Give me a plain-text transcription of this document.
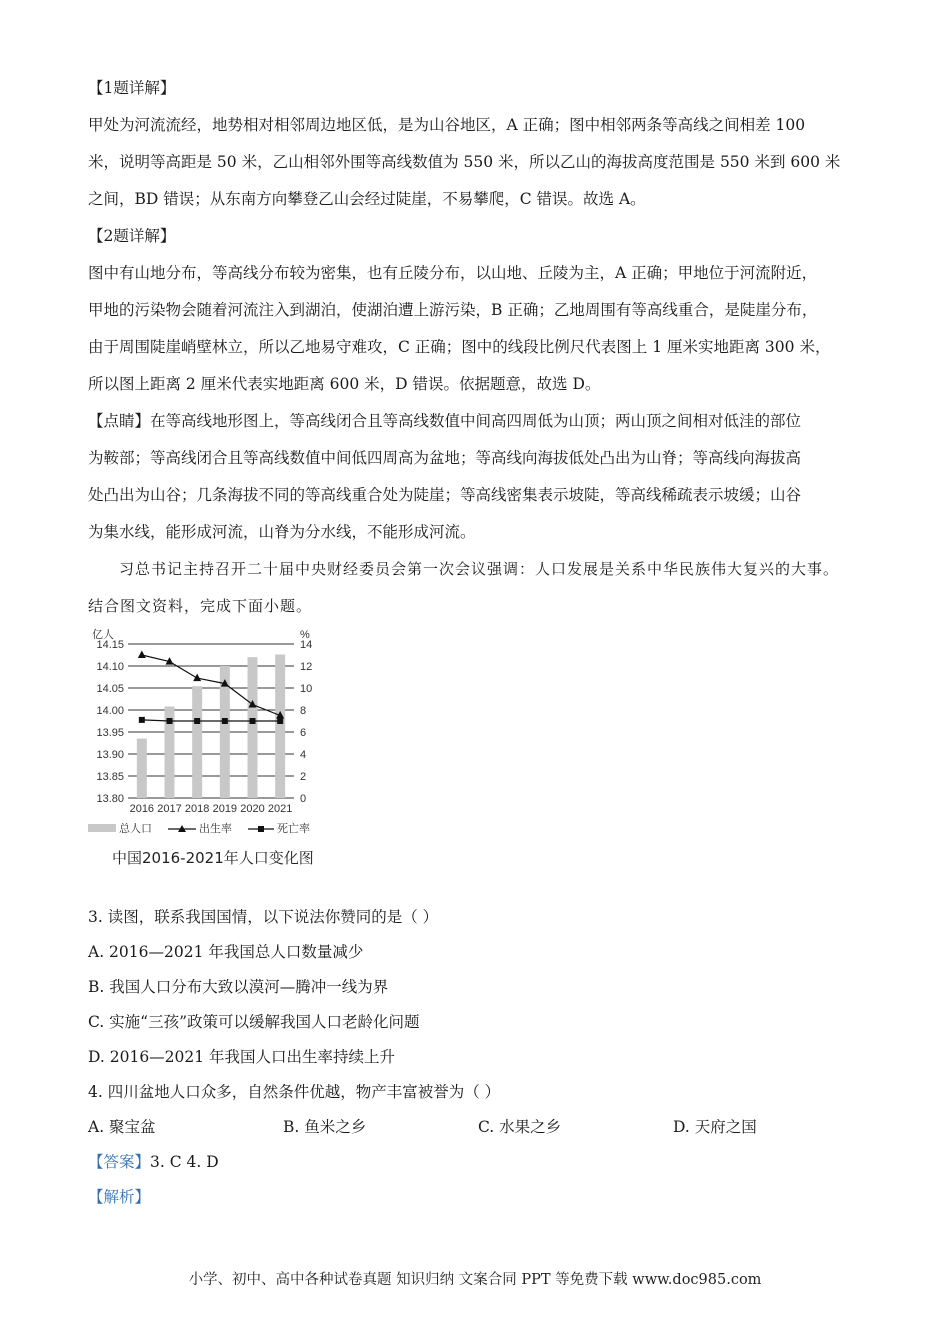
【1题详解】
甲处为河流流经，地势相对相邻周边地区低，是为山谷地区，A 正确；图中相邻两条等高线之间相差 100
米，说明等高距是 50 米，乙山相邻外围等高线数值为 550 米，所以乙山的海拔高度范围是 550 米到 600 米
之间，BD 错误；从东南方向攀登乙山会经过陡崖，不易攀爬，C 错误。故选 A。
【2题详解】
图中有山地分布，等高线分布较为密集，也有丘陵分布，以山地、丘陵为主，A 正确；甲地位于河流附近，
甲地的污染物会随着河流注入到湖泊，使湖泊遭上游污染，B 正确；乙地周围有等高线重合，是陡崖分布，
由于周围陡崖峭壁林立，所以乙地易守难攻，C 正确；图中的线段比例尺代表图上 1 厘米实地距离 300 米，
所以图上距离 2 厘米代表实地距离 600 米，D 错误。依据题意，故选 D。
【点睛】在等高线地形图上，等高线闭合且等高线数值中间高四周低为山顶；两山顶之间相对低洼的部位
为鞍部；等高线闭合且等高线数值中间低四周高为盆地；等高线向海拔低处凸出为山脊；等高线向海拔高
处凸出为山谷；几条海拔不同的等高线重合处为陡崖；等高线密集表示坡陡，等高线稀疏表示坡缓；山谷
为集水线，能形成河流，山脊为分水线，不能形成河流。
习总书记主持召开二十届中央财经委员会第一次会议强调：人口发展是关系中华民族伟大复兴的大事。
结合图文资料，完成下面小题。
亿人	%
14.15
14.10
14.05
14.00
13.95
13.90
13.85
13.80
14
12
10
8
6
4
2
0
2016 2017 2018 2019 2020 2021
总人口	出生率	死亡率
中国2016-2021年人口变化图
3. 读图，联系我国国情，以下说法你赞同的是（ ）
A. 2016—2021 年我国总人口数量减少
B. 我国人口分布大致以漠河—腾冲一线为界
C. 实施“三孩”政策可以缓解我国人口老龄化问题
D. 2016—2021 年我国人口出生率持续上升
4. 四川盆地人口众多，自然条件优越，物产丰富被誉为（ ）
A. 聚宝盆	B. 鱼米之乡	C. 水果之乡	D. 天府之国
【答案】3. C 4. D
【解析】
小学、初中、高中各种试卷真题 知识归纳 文案合同 PPT 等免费下载 www.doc985.com
